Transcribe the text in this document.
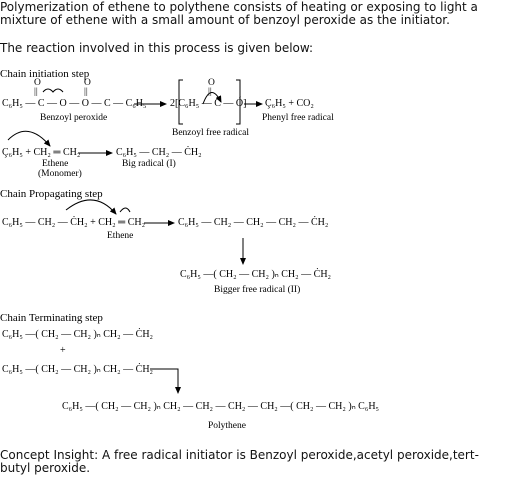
Polymerization of ethene to polythene consists of heating or exposing to light a
mixture of ethene with a small amount of benzoyl peroxide as the initiator.
The reaction involved in this process is given below:
Chain initiation step
O
||
O
||
C₆H₅ — C — O — O — C — C₆H₅
Benzoyl peroxide
O
||
2[C₆H₅ — C — Ó]
Benzoyl free radical
Ç₆H₅ + CO₂
Phenyl free radical
Ç₆H₅ + CH₂ ═ CH₂
Ethene
(Monomer)
C₆H₅ — CH₂ — ĊH₂
Big radical (I)
Chain Propagating step
C₆H₅ — CH₂ — ĊH₂ + CH₂ ═ CH₂
Ethene
C₆H₅ — CH₂ — CH₂ — CH₂ — ĊH₂
C₆H₅ —( CH₂ — CH₂ )ₙ CH₂ — ĊH₂
Bigger free radical (II)
Chain Terminating step
C₆H₅ —( CH₂ — CH₂ )ₙ CH₂ — ĊH₂
+
C₆H₅ —( CH₂ — CH₂ )ₙ CH₂ — ĊH₂
C₆H₅ —( CH₂ — CH₂ )ₙ CH₂ — CH₂ — CH₂ — CH₂ —( CH₂ — CH₂ )ₙ C₆H₅
Polythene
Concept Insight: A free radical initiator is Benzoyl peroxide,acetyl peroxide,tert-
butyl peroxide.
